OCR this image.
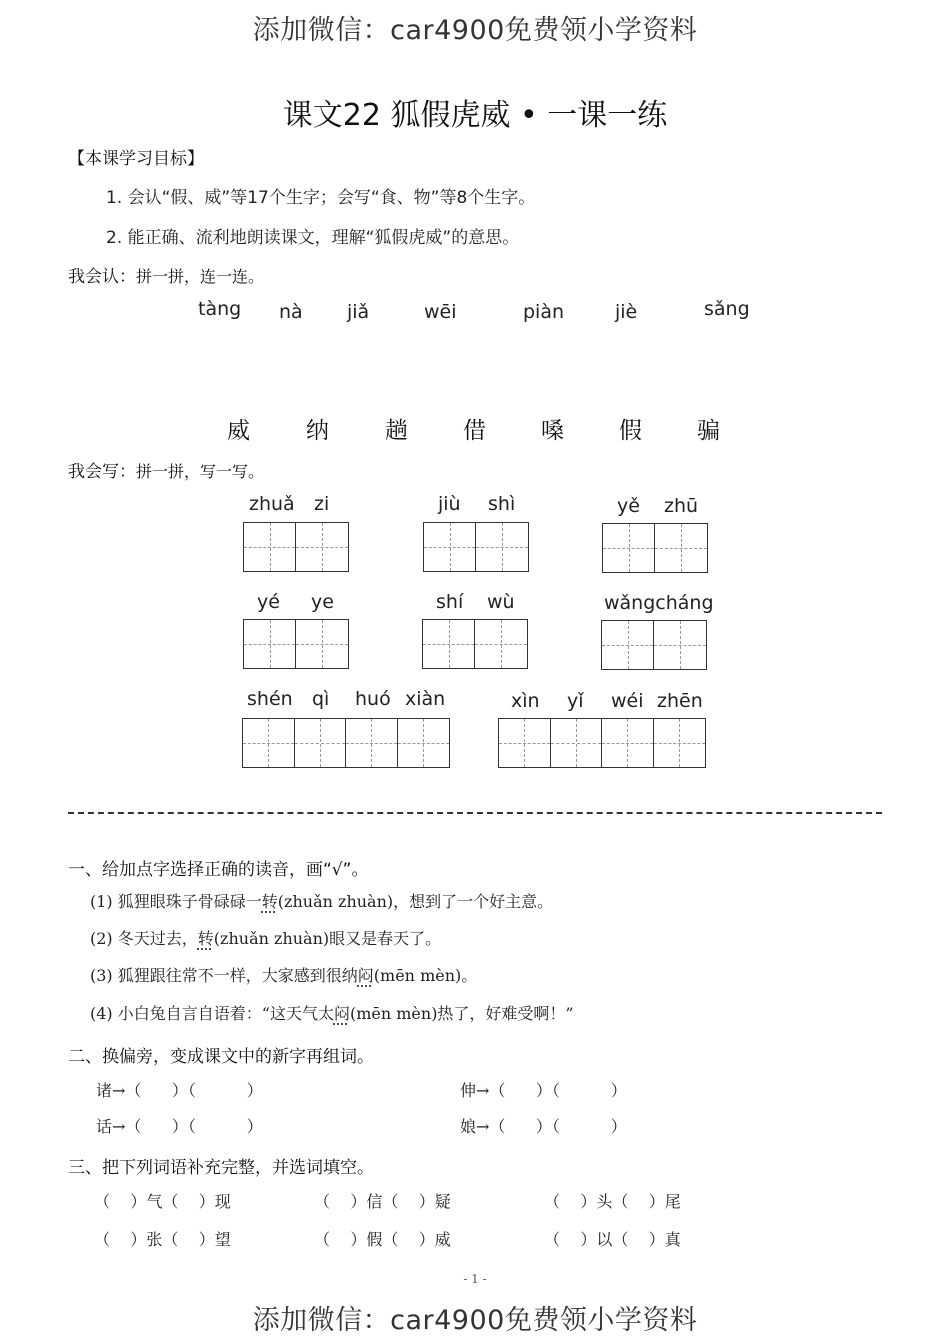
添加微信：car4900免费领小学资料
课文22 狐假虎威 • 一课一练
【本课学习目标】
1. 会认“假、威”等17个生字；会写“食、物”等8个生字。
2. 能正确、流利地朗读课文，理解“狐假虎威”的意思。
我会认：拼一拼，连一连。
tàng nà jiǎ	wēi	piàn	jiè	sǎng
威 纳 趟 借 嗓 假 骗
我会写：拼一拼，写一写。
zhuǎ zi	jiù shì	yě zhū
yé ye	shí wù	wǎngcháng
shén qì huó xiàn	xìn yǐ wéi zhēn
一、给加点字选择正确的读音，画“√”。
(1) 狐狸眼珠子骨碌碌一转(zhuǎn zhuàn)，想到了一个好主意。
(2) 冬天过去，转(zhuǎn zhuàn)眼又是春天了。
(3) 狐狸跟往常不一样，大家感到很纳闷(mēn mèn)。
(4) 小白兔自言自语着：“这天气太闷(mēn mèn)热了，好难受啊！”
二、换偏旁，变成课文中的新字再组词。
诸→（      ）（          ）	伸→（      ）（          ）
话→（      ）（          ）	娘→（      ）（          ）
三、把下列词语补充完整，并选词填空。
（    ）气（    ）现	（    ）信（    ）疑	（    ）头（    ）尾
（    ）张（    ）望	（    ）假（    ）威	（    ）以（    ）真
- 1 -
添加微信：car4900免费领小学资料
